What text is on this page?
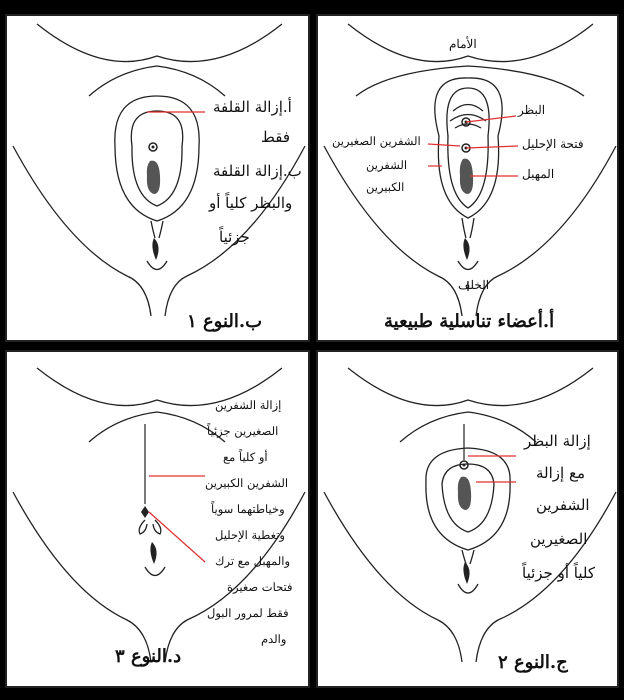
الأمام
البظر
فتحة الإحليل
المهبل
الشفرين الصغيرين
الشفرين
الكبيرين
الخلف
أ.أعضاء تناسلية طبيعية
أ.إزالة القلفة
فقط
ب.إزالة القلفة
والبظر كلياً أو
جزئياً
ب.النوع ١
إزالة البظر
مع إزالة
الشفرين
الصغيرين
كلياً أو جزئياً
ج.النوع ٢
إزالة الشفرين
الصغيرين جزئياً
أو كلياً مع
الشفرين الكبيرين
وخياطتهما سوياً
وتغطية الإحليل
والمهبل مع ترك
فتحات صغيرة
فقط لمرور البول
والدم
د.النوع ٣
